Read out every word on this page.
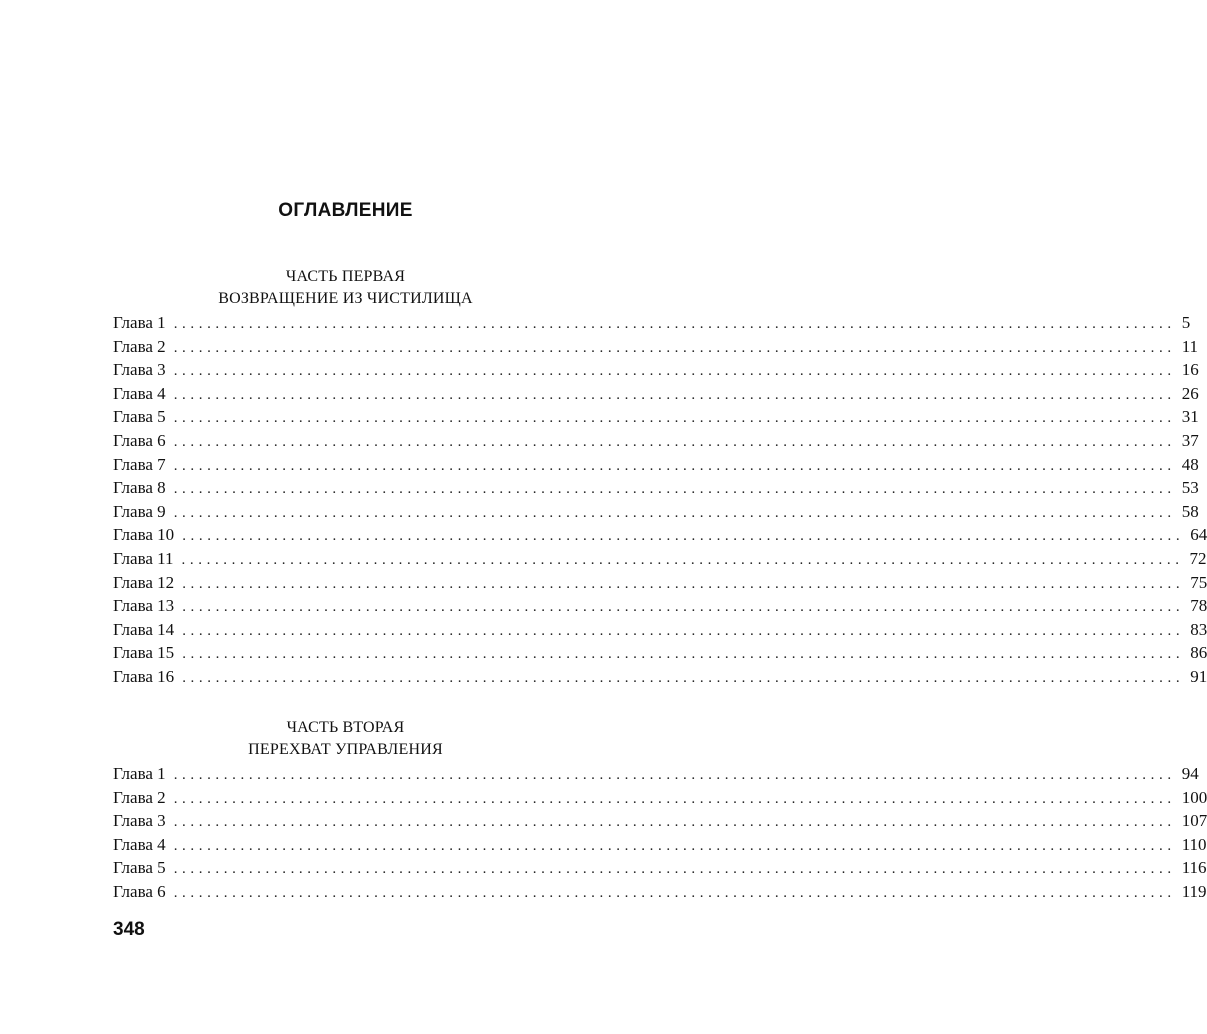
ОГЛАВЛЕНИЕ
ЧАСТЬ ПЕРВАЯ
ВОЗВРАЩЕНИЕ ИЗ ЧИСТИЛИЩА
Глава 1 ........................................................................................................................ 5
Глава 2 ........................................................................................................................ 11
Глава 3 ........................................................................................................................ 16
Глава 4 ........................................................................................................................ 26
Глава 5 ........................................................................................................................ 31
Глава 6 ........................................................................................................................ 37
Глава 7 ........................................................................................................................ 48
Глава 8 ........................................................................................................................ 53
Глава 9 ........................................................................................................................ 58
Глава 10 ........................................................................................................................ 64
Глава 11 ........................................................................................................................ 72
Глава 12 ........................................................................................................................ 75
Глава 13 ........................................................................................................................ 78
Глава 14 ........................................................................................................................ 83
Глава 15 ........................................................................................................................ 86
Глава 16 ........................................................................................................................ 91
ЧАСТЬ ВТОРАЯ
ПЕРЕХВАТ УПРАВЛЕНИЯ
Глава 1 ........................................................................................................................ 94
Глава 2 ........................................................................................................................ 100
Глава 3 ........................................................................................................................ 107
Глава 4 ........................................................................................................................ 110
Глава 5 ........................................................................................................................ 116
Глава 6 ........................................................................................................................ 119
348
